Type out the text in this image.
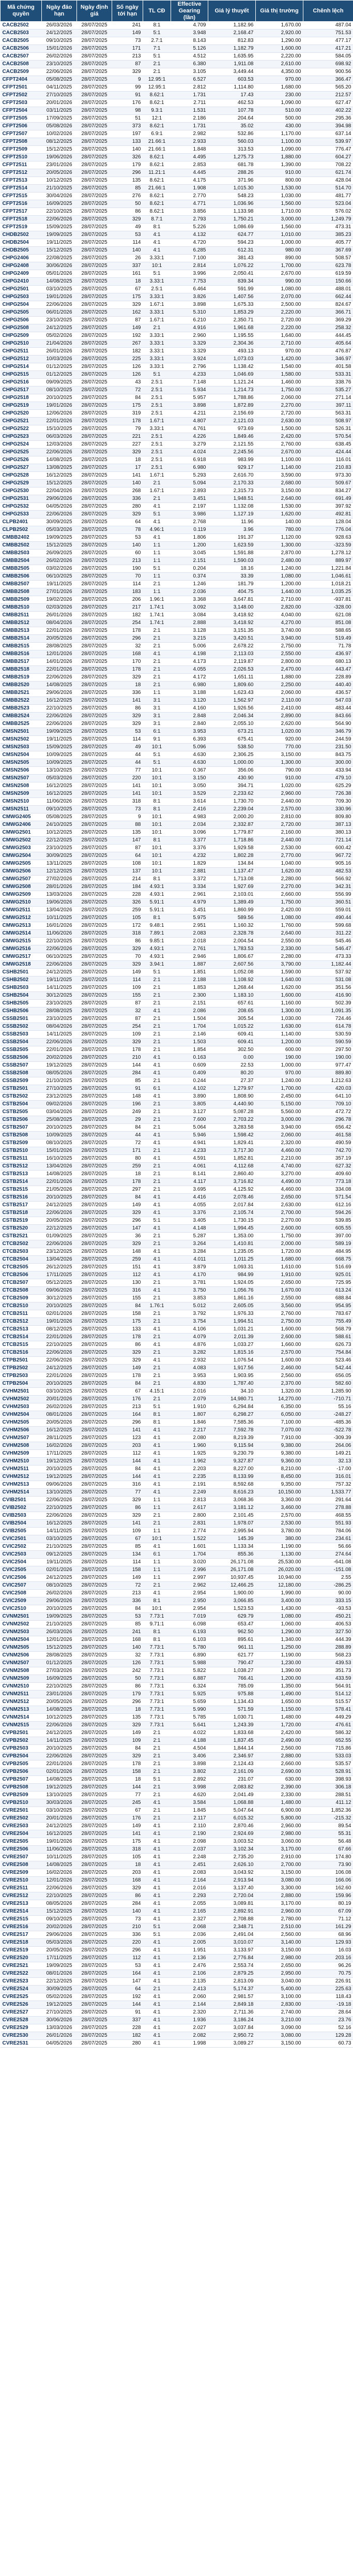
Mã chứng quyền	Ngày đáo hạn	Ngày định giá	Số ngày tới hạn	TL CĐ	Effective Gearing (lần)	Giá lý thuyết	Giá thị trường	Chênh lệch
CACB2502	26/03/2026	28/07/2025	241	8:1	4.709	1,182.96	1,670.00	487.04
CACB2503	24/12/2025	28/07/2025	149	5:1	3.948	2,168.47	2,920.00	751.53
CACB2505	09/10/2025	28/07/2025	73	2.7:1	8.143	812.83	1,290.00	477.17
CACB2506	15/01/2026	28/07/2025	171	7:1	5.126	1,182.79	1,600.00	417.21
CACB2507	26/02/2026	28/07/2025	213	5:1	4.512	1,635.95	2,220.00	584.05
CACB2508	23/10/2025	28/07/2025	87	2:1	6.380	1,911.08	2,610.00	698.92
CACB2509	22/06/2026	28/07/2025	329	2:1	3.105	3,449.44	4,350.00	900.56
CFPT2404	05/08/2025	28/07/2025	9	12.95:1	6.527	603.53	970.00	366.47
CFPT2501	04/11/2025	28/07/2025	99	12.95:1	2.812	1,114.80	1,680.00	565.20
CFPT2502	27/10/2025	28/07/2025	91	8.62:1	1.731	17.43	230.00	212.57
CFPT2503	20/01/2026	28/07/2025	176	8.62:1	2.711	462.53	1,090.00	627.47
CFPT2504	03/11/2025	28/07/2025	98	9.3:1	1.531	107.78	510.00	402.22
CFPT2505	17/09/2025	28/07/2025	51	12:1	2.186	204.64	500.00	295.36
CFPT2506	05/08/2026	28/07/2025	373	8.62:1	1.731	35.02	430.00	394.98
CFPT2507	10/02/2026	28/07/2025	197	6.9:1	2.982	532.86	1,170.00	637.14
CFPT2508	08/12/2025	28/07/2025	133	21.66:1	2.933	560.03	1,100.00	539.97
CFPT2509	15/12/2025	28/07/2025	140	21.66:1	1.848	313.53	1,090.00	776.47
CFPT2510	19/06/2026	28/07/2025	326	8.62:1	4.495	1,275.73	1,880.00	604.27
CFPT2511	23/01/2026	28/07/2025	179	8.62:1	2.853	681.78	1,390.00	708.22
CFPT2512	20/05/2026	28/07/2025	296	11.21:1	4.445	288.26	910.00	621.74
CFPT2513	10/12/2025	28/07/2025	135	8.62:1	4.175	371.96	800.00	428.04
CFPT2514	21/10/2025	28/07/2025	85	21.66:1	1.908	1,015.30	1,530.00	514.70
CFPT2515	30/04/2026	28/07/2025	276	8.62:1	2.770	548.23	1,030.00	481.77
CFPT2516	16/09/2025	28/07/2025	50	8.62:1	4.771	1,036.96	1,560.00	523.04
CFPT2517	22/10/2025	28/07/2025	86	8.62:1	3.856	1,133.98	1,710.00	576.02
CFPT2518	22/06/2026	28/07/2025	329	8.7:1	2.793	1,750.21	3,000.00	1,249.79
CFPT2519	15/09/2025	28/07/2025	49	8:1	5.226	1,086.69	1,560.00	473.31
CHDB2502	19/09/2025	28/07/2025	53	4:1	4.132	624.77	1,010.00	385.23
CHDB2504	19/11/2025	28/07/2025	114	4:1	4.720	594.23	1,000.00	405.77
CHDB2505	15/12/2025	28/07/2025	140	4:1	6.285	612.31	980.00	367.69
CHPG2406	22/08/2025	28/07/2025	26	3.33:1	7.100	381.43	890.00	508.57
CHPG2408	30/06/2026	28/07/2025	337	10:1	2.814	1,076.22	1,700.00	623.78
CHPG2409	05/01/2026	28/07/2025	161	5:1	3.996	2,050.41	2,670.00	619.59
CHPG2410	14/08/2025	28/07/2025	18	3.33:1	7.753	839.34	990.00	150.66
CHPG2501	03/10/2025	28/07/2025	67	2.5:1	6.464	591.99	1,080.00	488.01
CHPG2503	19/01/2026	28/07/2025	175	3.33:1	3.826	1,407.56	2,070.00	662.44
CHPG2504	22/06/2026	28/07/2025	329	1.67:1	3.898	1,675.33	2,500.00	824.67
CHPG2505	06/01/2026	28/07/2025	162	3.33:1	5.310	1,853.29	2,220.00	366.71
CHPG2506	23/10/2025	28/07/2025	87	1.67:1	6.210	2,350.71	2,720.00	369.29
CHPG2508	24/12/2025	28/07/2025	149	2:1	4.916	1,961.68	2,220.00	258.32
CHPG2509	05/02/2026	28/07/2025	192	3.33:1	2.960	1,195.55	1,640.00	444.45
CHPG2510	21/04/2026	28/07/2025	267	3.33:1	3.329	2,304.36	2,710.00	405.64
CHPG2511	26/01/2026	28/07/2025	182	3.33:1	3.329	493.13	970.00	476.87
CHPG2512	10/03/2026	28/07/2025	225	3.33:1	3.924	1,073.03	1,420.00	346.97
CHPG2514	01/12/2025	28/07/2025	126	3.33:1	2.796	1,138.42	1,540.00	401.58
CHPG2515	01/12/2025	28/07/2025	126	5:1	4.233	1,046.69	1,580.00	533.31
CHPG2516	09/09/2025	28/07/2025	43	2.5:1	7.148	1,121.24	1,460.00	338.76
CHPG2517	08/10/2025	28/07/2025	72	2.5:1	5.934	1,214.73	1,750.00	535.27
CHPG2518	20/10/2025	28/07/2025	84	2.5:1	5.957	1,788.86	2,060.00	271.14
CHPG2519	19/01/2026	28/07/2025	175	2.5:1	3.898	1,872.89	2,270.00	397.11
CHPG2520	12/06/2026	28/07/2025	319	2.5:1	4.211	2,156.69	2,720.00	563.31
CHPG2521	22/01/2026	28/07/2025	178	1.67:1	4.807	2,121.03	2,630.00	508.97
CHPG2522	15/10/2025	28/07/2025	79	3.33:1	4.761	973.69	1,500.00	526.31
CHPG2523	06/03/2026	28/07/2025	221	2.5:1	4.226	1,849.46	2,420.00	570.54
CHPG2524	12/03/2026	28/07/2025	227	2.5:1	3.279	2,121.55	2,760.00	638.45
CHPG2525	22/06/2026	28/07/2025	329	2.5:1	4.024	2,245.56	2,670.00	424.44
CHPG2526	14/08/2025	28/07/2025	18	2.5:1	6.918	983.99	1,100.00	116.01
CHPG2527	13/08/2025	28/07/2025	17	2.5:1	6.980	929.17	1,140.00	210.83
CHPG2528	16/12/2025	28/07/2025	141	1.67:1	5.293	2,616.70	3,590.00	973.30
CHPG2529	15/12/2025	28/07/2025	140	2:1	5.094	2,170.33	2,680.00	509.67
CHPG2530	22/04/2026	28/07/2025	268	1.67:1	2.893	2,315.73	3,150.00	834.27
CHPG2531	29/06/2026	28/07/2025	336	2:1	3.451	1,948.51	2,640.00	691.49
CHPG2532	04/05/2026	28/07/2025	280	4:1	2.197	1,132.08	1,530.00	397.92
CHPG2533	22/06/2026	28/07/2025	329	5:1	3.986	1,127.19	1,620.00	492.81
CLPB2401	30/09/2025	28/07/2025	64	4:1	2.768	11.96	140.00	128.04
CLPB2502	05/03/2026	28/07/2025	78	4.96:1	0.119	3.96	780.00	776.04
CMBB2402	19/09/2025	28/07/2025	53	4:1	1.806	191.37	1,120.00	928.63
CMBB2502	15/12/2025	28/07/2025	140	1:1	1.200	1,623.59	1,300.00	-323.59
CMBB2503	26/09/2025	28/07/2025	60	1:1	3.045	1,591.88	2,870.00	1,278.12
CMBB2504	26/02/2026	28/07/2025	213	1:1	2.151	1,590.03	2,480.00	889.97
CMBB2505	03/02/2026	28/07/2025	190	5:1	0.204	18.16	1,240.00	1,221.84
CMBB2506	06/10/2025	28/07/2025	70	1:1	0.374	33.39	1,080.00	1,046.61
CMBB2507	19/11/2025	28/07/2025	114	2:1	1.246	181.79	1,200.00	1,018.21
CMBB2508	27/01/2026	28/07/2025	183	1:1	2.036	404.75	1,440.00	1,035.25
CMBB2509	19/02/2026	28/07/2025	206	1.96:1	3.368	3,647.81	2,710.00	-937.81
CMBB2510	02/03/2026	28/07/2025	217	1.74:1	3.092	3,148.00	2,820.00	-328.00
CMBB2511	26/01/2026	28/07/2025	182	1.74:1	3.084	3,418.92	4,040.00	621.08
CMBB2512	08/04/2026	28/07/2025	254	1.74:1	2.888	3,418.92	4,270.00	851.08
CMBB2513	22/01/2026	28/07/2025	178	2:1	3.128	3,151.35	3,740.00	588.65
CMBB2514	20/05/2026	28/07/2025	296	2:1	3.215	3,420.51	3,940.00	519.49
CMBB2515	28/08/2025	28/07/2025	32	2:1	5.006	2,678.22	2,750.00	71.78
CMBB2516	12/01/2026	28/07/2025	168	4:1	4.198	2,113.03	2,550.00	436.97
CMBB2517	14/01/2026	28/07/2025	170	2:1	4.173	2,119.87	2,800.00	680.13
CMBB2518	22/01/2026	28/07/2025	178	2:1	4.055	2,026.53	2,470.00	443.47
CMBB2519	22/06/2026	28/07/2025	329	2:1	4.172	1,651.11	1,880.00	228.89
CMBB2520	14/08/2025	28/07/2025	18	2:1	6.980	1,809.60	2,250.00	440.40
CMBB2521	29/06/2026	28/07/2025	336	1:1	3.188	1,623.43	2,060.00	436.57
CMBB2522	16/12/2025	28/07/2025	141	3:1	3.120	1,562.97	2,110.00	547.03
CMBB2523	22/10/2025	28/07/2025	86	3:1	4.160	1,926.56	2,410.00	483.44
CMBB2524	22/06/2026	28/07/2025	329	3:1	2.848	2,046.34	2,890.00	843.66
CMBB2525	22/06/2026	28/07/2025	329	3:1	2.840	2,055.10	2,620.00	564.90
CMSN2501	19/09/2025	28/07/2025	53	6:1	3.953	673.21	1,020.00	346.79
CMSN2502	19/11/2025	28/07/2025	114	9:1	6.393	675.41	920.00	244.59
CMSN2503	15/09/2025	28/07/2025	49	10:1	5.096	538.50	770.00	231.50
CMSN2504	10/09/2025	28/07/2025	44	5:1	4.630	2,306.25	3,150.00	843.75
CMSN2505	10/09/2025	28/07/2025	44	5:1	4.630	1,000.00	1,300.00	300.00
CMSN2506	13/10/2025	28/07/2025	77	10:1	0.367	356.06	790.00	433.94
CMSN2507	05/03/2026	28/07/2025	220	10:1	3.150	430.90	910.00	479.10
CMSN2508	16/12/2025	28/07/2025	141	10:1	3.050	394.71	1,020.00	625.29
CMSN2509	16/12/2025	28/07/2025	141	10:1	3.529	2,233.62	2,960.00	726.38
CMSN2510	11/06/2026	28/07/2025	318	8:1	3.614	1,730.70	2,440.00	709.30
CMSN2511	09/10/2025	28/07/2025	73	8:1	2.416	2,239.04	2,570.00	330.96
CMWG2405	05/08/2025	28/07/2025	9	10:1	4.983	2,000.20	2,810.00	809.80
CMWG2406	24/10/2025	28/07/2025	88	10:1	2.034	2,332.87	2,720.00	387.13
CMWG2501	10/12/2025	28/07/2025	135	10:1	3.096	1,779.87	2,160.00	380.13
CMWG2502	22/12/2025	28/07/2025	147	8:1	3.377	1,718.86	2,440.00	721.14
CMWG2503	23/10/2025	28/07/2025	87	10:1	3.376	1,929.58	2,530.00	600.42
CMWG2504	30/09/2025	28/07/2025	64	10:1	4.232	1,802.28	2,770.00	967.72
CMWG2505	13/11/2025	28/07/2025	108	10:1	1.829	134.84	1,040.00	905.16
CMWG2506	12/12/2025	28/07/2025	137	10:1	2.881	1,137.47	1,620.00	482.53
CMWG2507	27/02/2026	28/07/2025	214	8:1	3.372	1,713.08	2,280.00	566.92
CMWG2508	28/01/2026	28/07/2025	184	4.93:1	3.334	1,927.69	2,270.00	342.31
CMWG2509	13/03/2026	28/07/2025	228	4.93:1	2.961	2,103.01	2,660.00	556.99
CMWG2510	19/06/2026	28/07/2025	326	5.91:1	4.979	1,389.49	1,750.00	360.51
CMWG2511	13/04/2026	28/07/2025	259	5.91:1	3.451	1,860.99	2,420.00	559.01
CMWG2512	10/11/2025	28/07/2025	105	8:1	5.975	589.56	1,080.00	490.44
CMWG2513	16/01/2026	28/07/2025	172	9.48:1	2.951	1,160.32	1,760.00	599.68
CMWG2514	11/06/2026	28/07/2025	318	7.89:1	2.083	2,328.78	2,640.00	311.22
CMWG2515	22/10/2025	28/07/2025	86	9.85:1	2.018	2,004.54	2,550.00	545.46
CMWG2516	22/06/2026	28/07/2025	329	4.93:1	2.761	1,783.53	2,330.00	546.47
CMWG2517	06/10/2025	28/07/2025	70	4.93:1	2.946	1,806.67	2,280.00	473.33
CMWG2518	22/06/2026	28/07/2025	329	3.94:1	1.887	2,607.56	3,790.00	1,182.44
CSHB2501	24/12/2025	28/07/2025	149	5:1	1.851	1,052.08	1,590.00	537.92
CSHB2502	19/11/2025	28/07/2025	114	2:1	2.188	1,108.92	1,640.00	531.08
CSHB2503	14/11/2025	28/07/2025	109	2:1	1.853	1,268.44	1,620.00	351.56
CSHB2504	30/12/2025	28/07/2025	155	2:1	2.300	1,183.10	1,600.00	416.90
CSHB2505	23/10/2025	28/07/2025	87	2:1	2.151	657.61	1,160.00	502.39
CSHB2506	28/08/2025	28/07/2025	32	4:1	2.086	208.65	1,300.00	1,091.35
CSSB2501	23/10/2025	28/07/2025	87	2:1	1.504	305.54	1,030.00	724.46
CSSB2502	08/04/2026	28/07/2025	254	2:1	1.704	1,015.22	1,630.00	614.78
CSSB2503	14/11/2025	28/07/2025	109	2:1	2.146	609.41	1,140.00	530.59
CSSB2504	22/06/2026	28/07/2025	329	2:1	1.503	609.41	1,200.00	590.59
CSSB2505	22/01/2026	28/07/2025	178	2:1	1.854	302.50	600.00	297.50
CSSB2506	20/02/2026	28/07/2025	210	4:1	0.163	0.00	190.00	190.00
CSSB2507	19/12/2025	28/07/2025	144	4:1	0.609	22.53	1,000.00	977.47
CSSB2508	08/05/2026	28/07/2025	284	4:1	0.409	80.20	970.00	889.80
CSSB2509	21/10/2025	28/07/2025	85	2:1	0.244	27.37	1,240.00	1,212.63
CSTB2501	27/10/2025	28/07/2025	91	6:1	4.102	1,279.97	1,700.00	420.03
CSTB2502	23/12/2025	28/07/2025	148	4:1	3.890	1,808.90	2,450.00	641.10
CSTB2504	09/02/2026	28/07/2025	196	2:1	3.805	4,440.90	5,150.00	709.10
CSTB2505	03/04/2026	28/07/2025	249	2:1	3.127	5,087.28	5,560.00	472.72
CSTB2506	25/08/2025	28/07/2025	29	2:1	7.600	2,703.22	3,000.00	296.78
CSTB2507	20/10/2025	28/07/2025	84	2:1	5.064	3,283.58	3,940.00	656.42
CSTB2508	10/09/2025	28/07/2025	44	4:1	5.946	1,598.42	2,060.00	461.58
CSTB2509	08/10/2025	28/07/2025	72	4:1	4.941	1,829.41	2,320.00	490.59
CSTB2510	15/01/2026	28/07/2025	171	2:1	4.233	3,717.30	4,460.00	742.70
CSTB2511	16/10/2025	28/07/2025	80	4:1	4.591	1,852.81	2,210.00	357.19
CSTB2512	13/04/2026	28/07/2025	259	2:1	4.061	4,112.68	4,740.00	627.32
CSTB2513	14/08/2025	28/07/2025	18	2:1	8.141	2,860.40	3,270.00	409.60
CSTB2514	22/01/2026	28/07/2025	178	2:1	4.117	3,716.82	4,490.00	773.18
CSTB2515	21/05/2026	28/07/2025	297	2:1	3.695	4,125.92	4,460.00	334.08
CSTB2516	20/10/2025	28/07/2025	84	4:1	4.416	2,078.46	2,650.00	571.54
CSTB2517	24/12/2025	28/07/2025	149	4:1	4.055	2,017.84	2,630.00	612.16
CSTB2518	22/06/2026	28/07/2025	329	4:1	3.376	2,105.74	2,700.00	594.26
CSTB2519	20/05/2026	28/07/2025	296	5:1	3.405	1,730.15	2,270.00	539.85
CSTB2520	22/12/2025	28/07/2025	147	4:1	4.148	1,994.45	2,600.00	605.55
CSTB2521	01/09/2025	28/07/2025	36	2:1	5.287	1,353.00	1,750.00	397.00
CTCB2502	22/06/2026	28/07/2025	329	2:1	3.264	1,410.81	2,000.00	589.19
CTCB2503	23/12/2025	28/07/2025	148	4:1	3.284	1,235.05	1,720.00	484.95
CTCB2504	13/04/2026	28/07/2025	259	4:1	4.011	1,011.25	1,680.00	668.75
CTCB2505	26/12/2025	28/07/2025	151	4:1	3.879	1,093.31	1,610.00	516.69
CTCB2506	17/11/2025	28/07/2025	112	4:1	4.170	984.99	1,910.00	925.01
CTCB2507	05/12/2025	28/07/2025	130	2:1	3.781	1,924.05	2,650.00	725.95
CTCB2508	09/06/2026	28/07/2025	316	4:1	3.750	1,056.76	1,670.00	613.24
CTCB2509	30/12/2025	28/07/2025	155	2:1	3.853	1,861.16	2,550.00	688.84
CTCB2510	20/10/2025	28/07/2025	84	1.76:1	5.012	2,605.05	3,560.00	954.95
CTCB2511	02/01/2026	28/07/2025	158	2:1	3.792	1,976.33	2,760.00	783.67
CTCB2512	19/01/2026	28/07/2025	175	2:1	3.754	1,994.51	2,750.00	755.49
CTCB2513	08/12/2025	28/07/2025	133	4:1	4.106	1,031.21	1,600.00	568.79
CTCB2514	22/01/2026	28/07/2025	178	2:1	4.079	2,011.39	2,600.00	588.61
CTCB2515	22/10/2025	28/07/2025	86	4:1	4.876	1,033.27	1,660.00	626.73
CTCB2516	22/06/2026	28/07/2025	329	2:1	3.282	1,815.16	2,570.00	754.84
CTPB2501	22/06/2026	28/07/2025	329	4:1	2.932	1,076.54	1,600.00	523.46
CTPB2502	24/12/2025	28/07/2025	149	2:1	4.083	1,917.56	2,460.00	542.44
CTPB2503	22/01/2026	28/07/2025	178	2:1	3.953	1,903.95	2,560.00	656.05
CTPB2504	20/10/2025	28/07/2025	84	2:1	4.830	1,787.40	2,370.00	582.60
CVHM2501	03/10/2025	28/07/2025	67	4.15:1	2.016	34.10	1,320.00	1,285.90
CVHM2502	20/01/2026	28/07/2025	176	2:1	2.079	14,980.71	14,270.00	-710.71
CVHM2503	26/02/2026	28/07/2025	213	5:1	1.910	6,294.84	6,350.00	55.16
CVHM2504	08/01/2026	28/07/2025	164	8:1	1.807	6,298.27	6,050.00	-248.27
CVHM2505	20/05/2026	28/07/2025	296	8:1	1.846	7,585.36	7,100.00	-485.36
CVHM2506	16/12/2025	28/07/2025	141	4:1	2.217	7,592.78	7,070.00	-522.78
CVHM2507	28/11/2025	28/07/2025	123	4:1	2.080	8,219.39	7,910.00	-309.39
CVHM2508	16/02/2026	28/07/2025	203	4:1	1.960	9,115.94	9,380.00	264.06
CVHM2509	17/11/2025	28/07/2025	112	4:1	1.925	9,230.79	9,380.00	149.21
CVHM2510	19/12/2025	28/07/2025	144	4:1	1.962	9,327.87	9,360.00	32.13
CVHM2511	20/10/2025	28/07/2025	84	4:1	2.203	8,227.00	8,210.00	-17.00
CVHM2512	19/12/2025	28/07/2025	144	4:1	2.235	8,133.99	8,450.00	316.01
CVHM2513	09/06/2026	28/07/2025	316	4:1	2.191	8,592.68	9,350.00	757.32
CVHM2514	13/10/2025	28/07/2025	77	4:1	2.249	8,616.23	10,150.00	1,533.77
CVIB2501	22/06/2026	28/07/2025	329	1:1	2.813	3,068.36	3,360.00	291.64
CVIB2502	22/10/2025	28/07/2025	86	1:1	2.617	3,181.12	3,460.00	278.88
CVIB2503	22/06/2026	28/07/2025	329	2:1	2.800	2,101.45	2,570.00	468.55
CVIB2504	16/12/2025	28/07/2025	141	2:1	2.831	1,978.07	2,530.00	551.93
CVIB2505	14/11/2025	28/07/2025	109	1:1	2.774	2,995.94	3,780.00	784.06
CVIC2501	03/10/2025	28/07/2025	67	10:1	1.522	145.39	380.00	234.61
CVIC2502	21/10/2025	28/07/2025	85	4:1	1.601	1,133.34	1,190.00	56.66
CVIC2503	09/12/2025	28/07/2025	134	6:1	1.704	855.36	1,130.00	274.64
CVIC2504	19/11/2025	28/07/2025	114	1:1	3.020	26,171.08	25,530.00	-641.08
CVIC2505	02/01/2026	28/07/2025	158	1:1	2.996	26,171.08	26,020.00	-151.08
CVIC2506	24/12/2025	28/07/2025	149	1:1	2.997	10,937.45	10,940.00	2.55
CVIC2507	08/10/2025	28/07/2025	72	2:1	2.962	12,466.25	12,180.00	-286.25
CVIC2508	26/02/2026	28/07/2025	213	4:1	2.954	1,900.00	1,990.00	90.00
CVIC2509	29/06/2026	28/07/2025	336	8:1	2.950	3,066.85	3,400.00	333.15
CVIC2510	20/10/2025	28/07/2025	84	10:1	2.954	1,523.53	1,430.00	-93.53
CVNM2501	19/09/2025	28/07/2025	53	7.73:1	7.019	629.79	1,080.00	450.21
CVNM2502	21/10/2025	28/07/2025	85	9.71:1	6.098	653.47	1,060.00	406.53
CVNM2503	26/03/2026	28/07/2025	241	8:1	6.193	962.50	1,290.00	327.50
CVNM2504	12/01/2026	28/07/2025	168	8:1	6.103	895.61	1,340.00	444.39
CVNM2505	15/12/2025	28/07/2025	140	7.73:1	5.780	961.11	1,250.00	288.89
CVNM2506	28/08/2025	28/07/2025	32	7.73:1	6.890	621.77	1,190.00	568.23
CVNM2507	01/12/2025	28/07/2025	126	7.73:1	5.988	790.47	1,230.00	439.53
CVNM2508	27/03/2026	28/07/2025	242	7.73:1	5.822	1,038.27	1,390.00	351.73
CVNM2509	16/09/2025	28/07/2025	50	7.73:1	6.887	766.41	1,200.00	433.59
CVNM2510	22/10/2025	28/07/2025	86	7.73:1	6.324	785.09	1,350.00	564.91
CVNM2511	23/01/2026	28/07/2025	179	7.73:1	5.925	975.88	1,490.00	514.12
CVNM2512	20/05/2026	28/07/2025	296	7.73:1	5.659	1,134.43	1,650.00	515.57
CVNM2513	14/08/2025	28/07/2025	18	7.73:1	5.990	571.59	1,150.00	578.41
CVNM2514	10/12/2025	28/07/2025	135	7.73:1	5.785	1,030.71	1,480.00	449.29
CVNM2515	22/06/2026	28/07/2025	329	7.73:1	5.641	1,243.39	1,720.00	476.61
CVPB2501	24/12/2025	28/07/2025	149	2:1	4.022	1,833.68	2,420.00	586.32
CVPB2502	14/11/2025	28/07/2025	109	2:1	4.188	1,837.45	2,490.00	652.55
CVPB2503	20/10/2025	28/07/2025	84	2:1	4.504	1,844.14	2,560.00	715.86
CVPB2504	22/06/2026	28/07/2025	329	2:1	3.406	2,346.97	2,880.00	533.03
CVPB2505	22/01/2026	28/07/2025	178	2:1	3.898	2,124.43	2,660.00	535.57
CVPB2506	02/01/2026	28/07/2025	158	2:1	3.802	2,161.09	2,690.00	528.91
CVPB2507	14/08/2025	28/07/2025	18	5:1	2.892	231.07	630.00	398.93
CVPB2508	19/12/2025	28/07/2025	144	2:1	3.998	2,083.82	2,390.00	306.18
CVPB2509	13/10/2025	28/07/2025	77	2:1	4.620	2,041.49	2,330.00	288.51
CVPB2510	30/03/2026	28/07/2025	245	4:1	3.584	1,068.88	1,480.00	411.12
CVRE2501	03/10/2025	28/07/2025	67	2:1	1.845	5,047.64	6,900.00	1,852.36
CVRE2502	20/01/2026	28/07/2025	176	2:1	2.117	6,015.32	5,800.00	-215.32
CVRE2503	24/12/2025	28/07/2025	149	4:1	2.110	2,870.46	2,960.00	89.54
CVRE2504	16/12/2025	28/07/2025	141	4:1	2.190	2,924.69	2,980.00	55.31
CVRE2505	19/01/2026	28/07/2025	175	4:1	2.098	3,003.52	3,060.00	56.48
CVRE2506	11/06/2026	28/07/2025	318	4:1	2.037	3,102.34	3,170.00	67.66
CVRE2507	10/11/2025	28/07/2025	105	4:1	2.248	2,735.20	2,910.00	174.80
CVRE2508	14/08/2025	28/07/2025	18	4:1	2.451	2,626.10	2,700.00	73.90
CVRE2509	16/02/2026	28/07/2025	203	4:1	2.083	3,043.92	3,150.00	106.08
CVRE2510	12/01/2026	28/07/2025	168	4:1	2.164	2,913.94	3,080.00	166.06
CVRE2511	22/06/2026	28/07/2025	329	4:1	2.016	3,137.40	3,300.00	162.60
CVRE2512	22/10/2025	28/07/2025	86	4:1	2.293	2,720.04	2,880.00	159.96
CVRE2513	08/05/2026	28/07/2025	284	4:1	2.055	3,089.81	3,170.00	80.19
CVRE2514	15/12/2025	28/07/2025	140	4:1	2.165	2,892.91	2,960.00	67.09
CVRE2515	09/10/2025	28/07/2025	73	4:1	2.327	2,708.88	2,780.00	71.12
CVRE2516	20/02/2026	28/07/2025	210	5:1	2.068	2,348.71	2,510.00	161.29
CVRE2517	29/06/2026	28/07/2025	336	5:1	2.036	2,491.04	2,560.00	68.96
CVRE2518	05/03/2026	28/07/2025	220	4:1	2.005	3,010.07	3,140.00	129.93
CVRE2519	20/05/2026	28/07/2025	296	4:1	1.951	3,133.97	3,150.00	16.03
CVRE2520	17/11/2025	28/07/2025	112	4:1	2.136	2,776.84	2,980.00	203.16
CVRE2521	19/09/2025	28/07/2025	53	4:1	2.476	2,553.74	2,650.00	96.26
CVRE2522	08/01/2026	28/07/2025	164	4:1	2.106	2,879.25	2,950.00	70.75
CVRE2523	22/12/2025	28/07/2025	147	4:1	2.135	2,813.09	3,040.00	226.91
CVRE2524	30/09/2025	28/07/2025	64	2:1	2.413	5,174.37	5,400.00	225.63
CVRE2525	05/02/2026	28/07/2025	192	4:1	2.060	2,981.57	3,100.00	118.43
CVRE2526	19/12/2025	28/07/2025	144	4:1	2.144	2,849.18	2,830.00	-19.18
CVRE2527	27/10/2025	28/07/2025	91	4:1	2.320	2,711.36	2,740.00	28.64
CVRE2528	30/06/2026	28/07/2025	337	4:1	1.936	3,186.24	3,210.00	23.76
CVRE2529	13/03/2026	28/07/2025	228	4:1	2.027	3,037.84	3,090.00	52.16
CVRE2530	26/01/2026	28/07/2025	182	4:1	2.082	2,950.72	3,080.00	129.28
CVRE2531	04/05/2026	28/07/2025	280	4:1	1.998	3,089.27	3,150.00	60.73
